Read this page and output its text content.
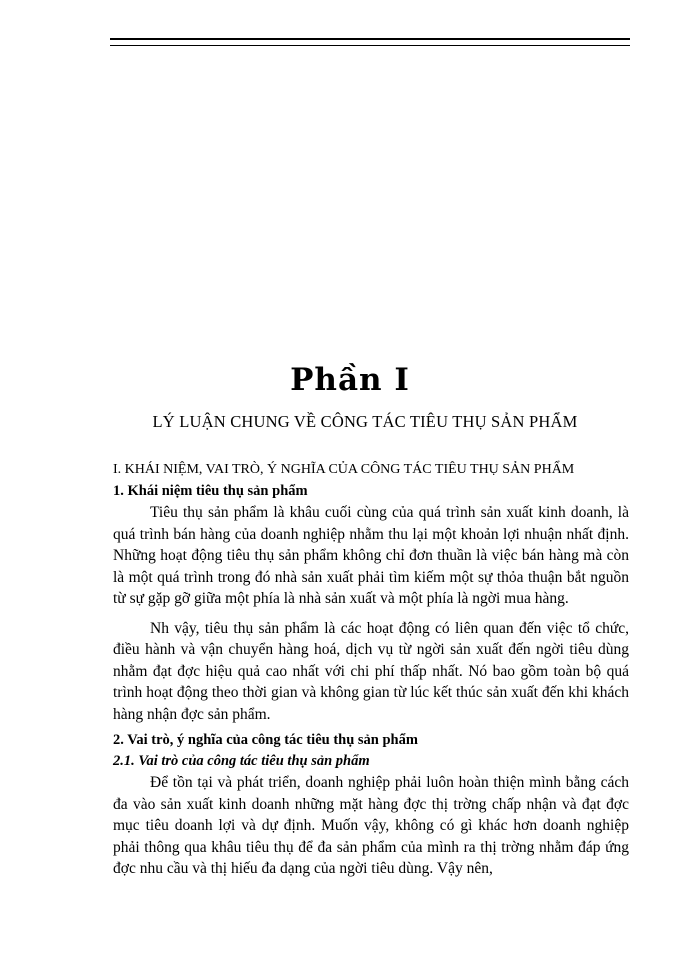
Phần I
LÝ LUẬN CHUNG VỀ CÔNG TÁC TIÊU THỤ SẢN PHẨM
I. KHÁI NIỆM, VAI TRÒ, Ý NGHĨA CỦA CÔNG TÁC TIÊU THỤ SẢN PHẨM
1. Khái niệm tiêu thụ sản phẩm

Tiêu thụ sản phẩm là khâu cuối cùng của quá trình sản xuất kinh doanh, là quá trình bán hàng của doanh nghiệp nhằm thu lại một khoản lợi nhuận nhất định. Những hoạt động tiêu thụ sản phẩm không chỉ đơn thuần là việc bán hàng mà còn là một quá trình trong đó nhà sản xuất phải tìm kiếm một sự thỏa thuận bắt nguồn từ sự gặp gỡ giữa một phía là nhà sản xuất và một phía là ngời mua hàng.

Nh vậy, tiêu thụ sản phẩm là các hoạt động có liên quan đến việc tổ chức, điều hành và vận chuyển hàng hoá, dịch vụ từ ngời sản xuất đến ngời tiêu dùng nhằm đạt đợc hiệu quả cao nhất với chi phí thấp nhất. Nó bao gồm toàn bộ quá trình hoạt động theo thời gian và không gian từ lúc kết thúc sản xuất đến khi khách hàng nhận đợc sản phẩm.

2. Vai trò, ý nghĩa của công tác tiêu thụ sản phẩm
2.1. Vai trò của công tác tiêu thụ sản phẩm

Để tồn tại và phát triển, doanh nghiệp phải luôn hoàn thiện mình bằng cách đa vào sản xuất kinh doanh những mặt hàng đợc thị trờng chấp nhận và đạt đợc mục tiêu doanh lợi và dự định. Muốn vậy, không có gì khác hơn doanh nghiệp phải thông qua khâu tiêu thụ để đa sản phẩm của mình ra thị trờng nhằm đáp ứng đợc nhu cầu và thị hiếu đa dạng của ngời tiêu dùng. Vậy nên,
